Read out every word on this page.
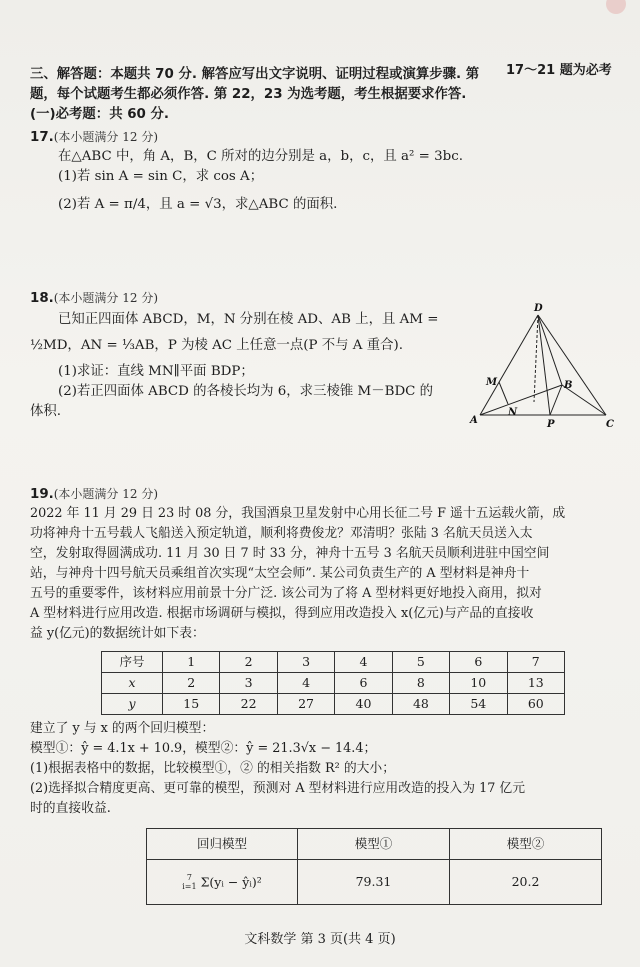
三、解答题：本题共 70 分. 解答应写出文字说明、证明过程或演算步骤. 第
题，每个试题考生都必须作答. 第 22，23 为选考题，考生根据要求作答.
(一)必考题：共 60 分.
17～21 题为必考
17.(本小题满分 12 分)
在△ABC 中，角 A，B，C 所对的边分别是 a，b，c，且 a² = 3bc.
(1)若 sin A = sin C，求 cos A；
(2)若 A = π/4，且 a = √3，求△ABC 的面积.
18.(本小题满分 12 分)
已知正四面体 ABCD，M，N 分别在棱 AD、AB 上，且 AM =
½MD，AN = ⅓AB，P 为棱 AC 上任意一点(P 不与 A 重合).
(1)求证：直线 MN∥平面 BDP；
(2)若正四面体 ABCD 的各棱长均为 6，求三棱锥 M－BDC 的
体积.
D
M	B
A
N
P	C
19.(本小题满分 12 分)
2022 年 11 月 29 日 23 时 08 分，我国酒泉卫星发射中心用长征二号 F 遥十五运载火箭，成
功将神舟十五号载人飞船送入预定轨道，顺利将费俊龙？邓清明？张陆 3 名航天员送入太
空，发射取得圆满成功. 11 月 30 日 7 时 33 分，神舟十五号 3 名航天员顺利进驻中国空间
站，与神舟十四号航天员乘组首次实现“太空会师”. 某公司负责生产的 A 型材料是神舟十
五号的重要零件，该材料应用前景十分广泛. 该公司为了将 A 型材料更好地投入商用，拟对
A 型材料进行应用改造. 根据市场调研与模拟，得到应用改造投入 x(亿元)与产品的直接收
益 y(亿元)的数据统计如下表：
序号	1	2	3	4	5	6	7
x	2	3	4	6	8	10	13
y	15	22	27	40	48	54	60
建立了 y 与 x 的两个回归模型：
模型①：ŷ = 4.1x + 10.9，模型②：ŷ = 21.3√x − 14.4；
(1)根据表格中的数据，比较模型①，② 的相关指数 R² 的大小；
(2)选择拟合精度更高、更可靠的模型，预测对 A 型材料进行应用改造的投入为 17 亿元
时的直接收益.
回归模型	模型①	模型②
7
i=1 Σ(yᵢ − ŷᵢ)²	79.31	20.2
文科数学 第 3 页(共 4 页)
